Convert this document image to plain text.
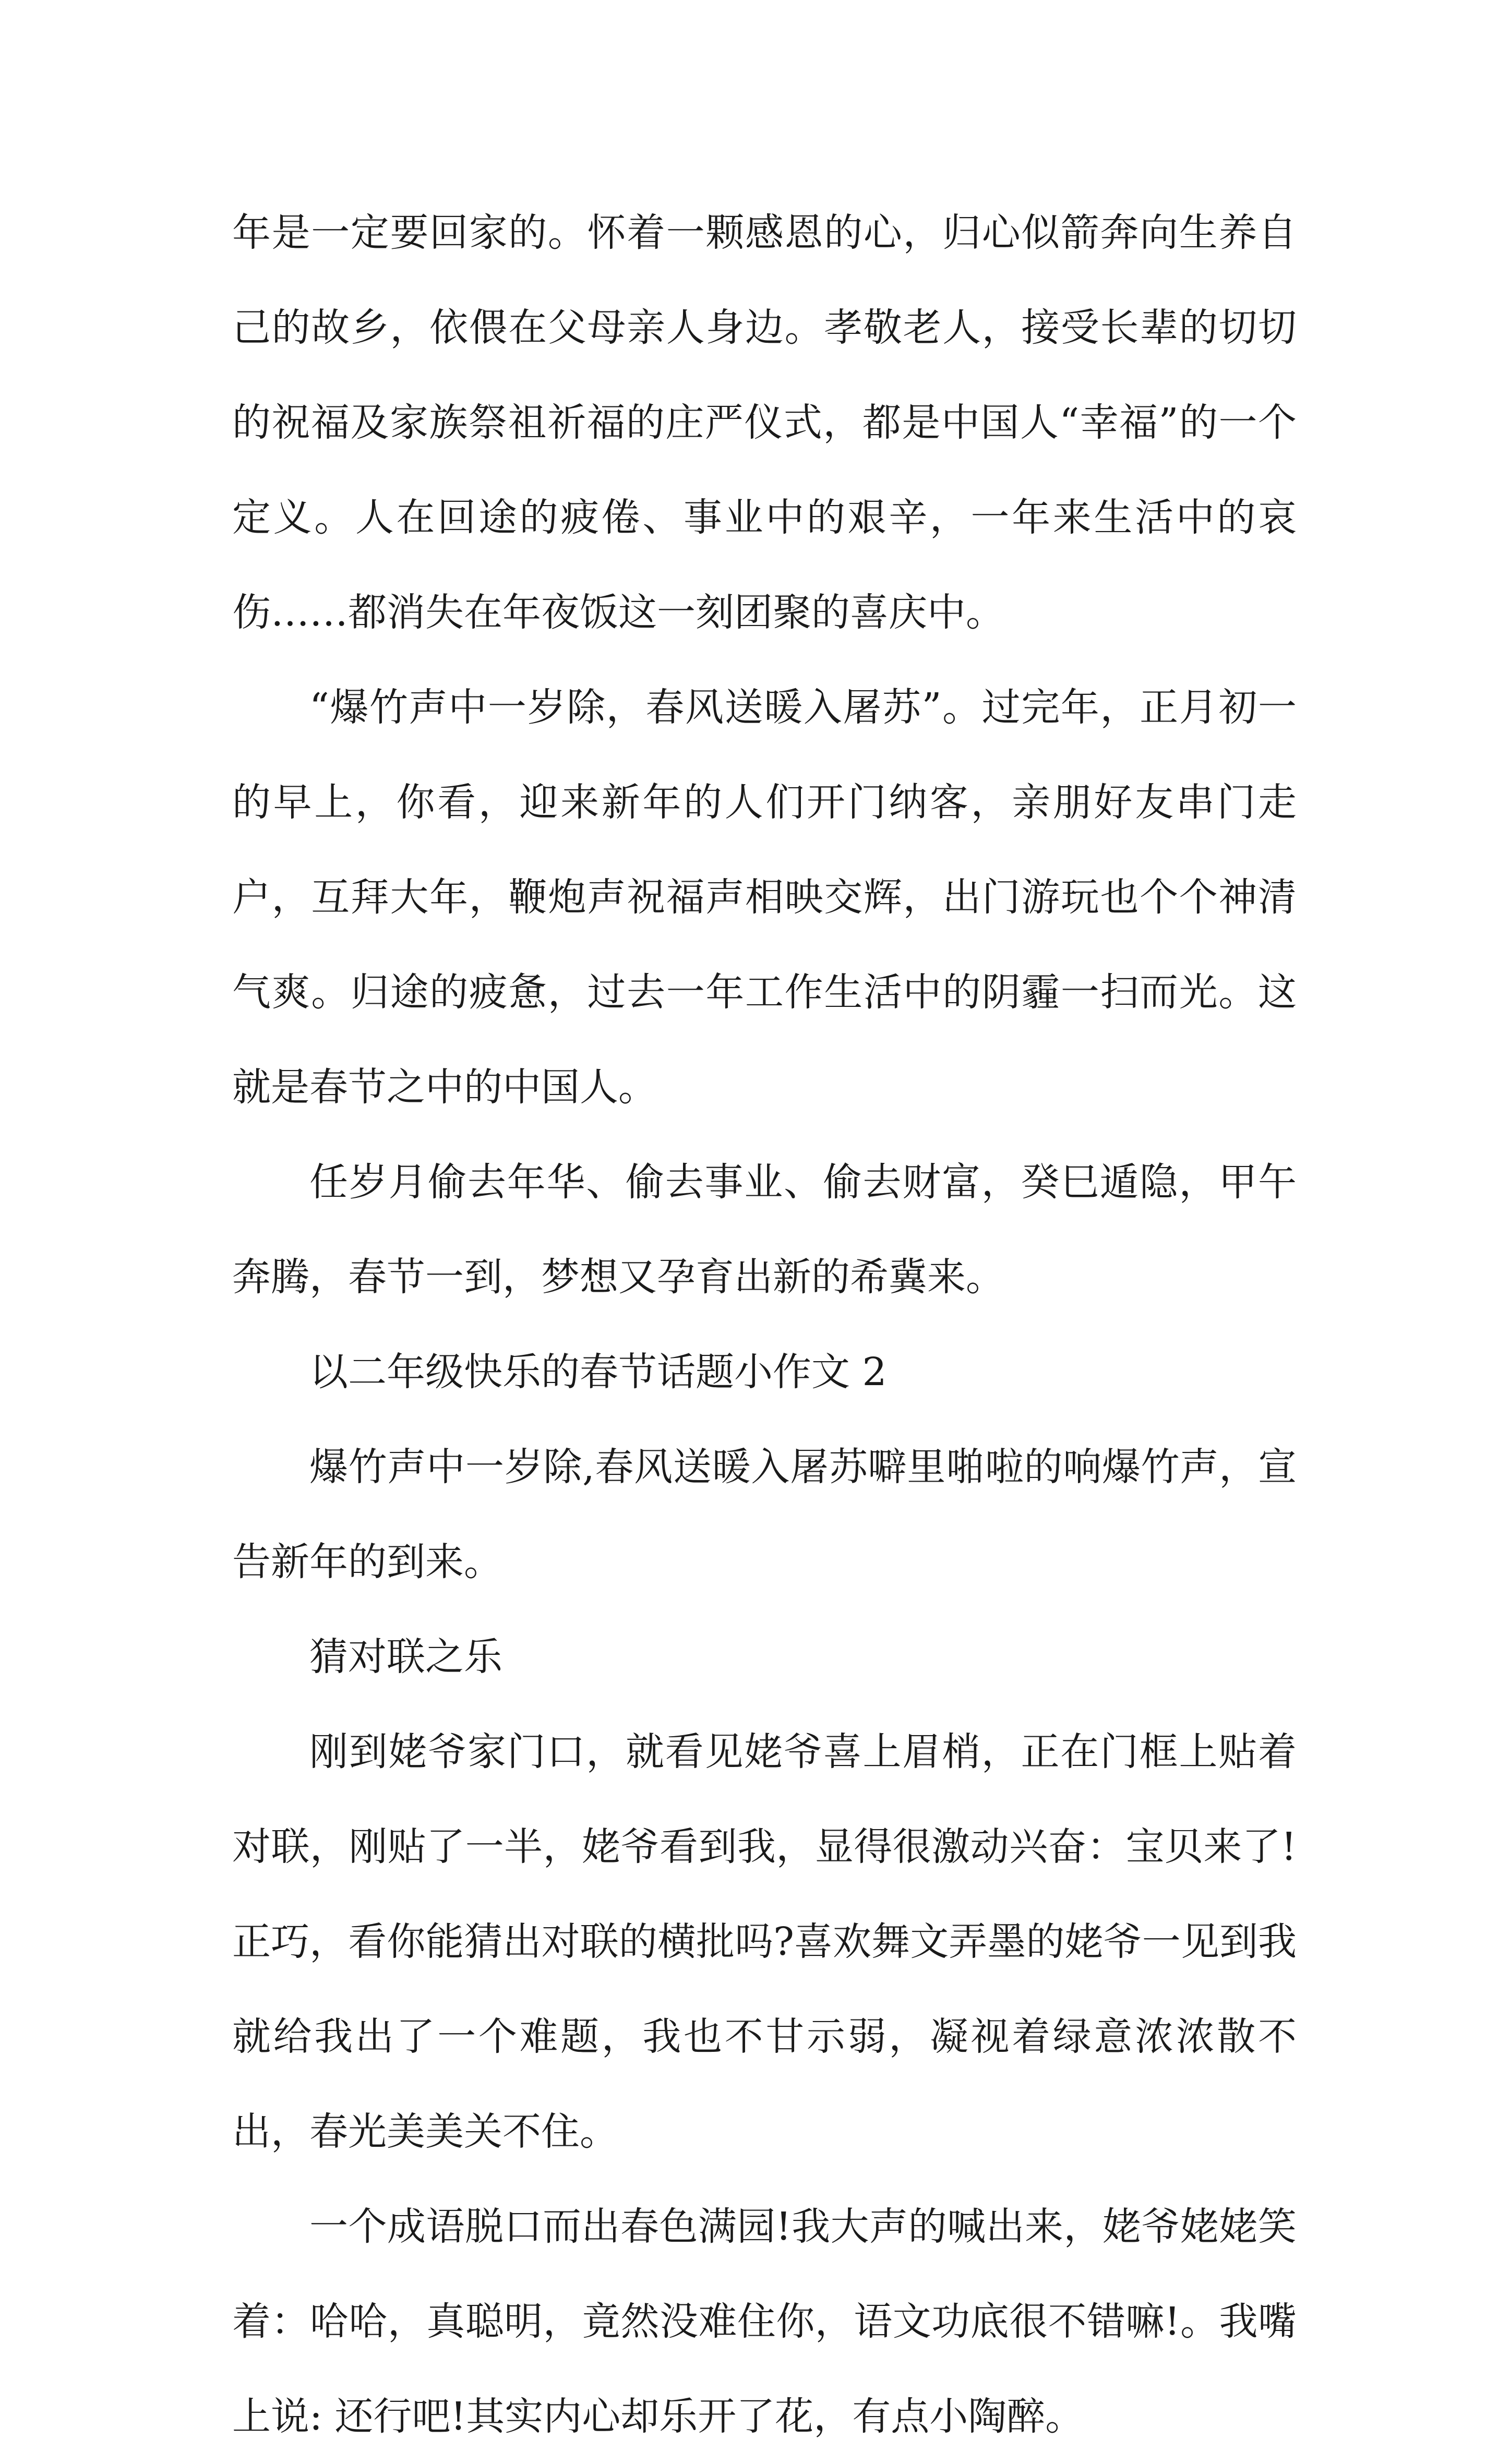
年是一定要回家的。怀着一颗感恩的心，归心似箭奔向生养自己的故乡，依偎在父母亲人身边。孝敬老人，接受长辈的切切的祝福及家族祭祖祈福的庄严仪式，都是中国人“幸福”的一个定义。人在回途的疲倦、事业中的艰辛，一年来生活中的哀伤……都消失在年夜饭这一刻团聚的喜庆中。

“爆竹声中一岁除，春风送暖入屠苏”。过完年，正月初一的早上，你看，迎来新年的人们开门纳客，亲朋好友串门走户，互拜大年，鞭炮声祝福声相映交辉，出门游玩也个个神清气爽。归途的疲惫，过去一年工作生活中的阴霾一扫而光。这就是春节之中的中国人。

任岁月偷去年华、偷去事业、偷去财富，癸巳遁隐，甲午奔腾，春节一到，梦想又孕育出新的希冀来。

以二年级快乐的春节话题小作文 2

爆竹声中一岁除,春风送暖入屠苏噼里啪啦的响爆竹声，宣告新年的到来。

猜对联之乐

刚到姥爷家门口，就看见姥爷喜上眉梢，正在门框上贴着对联，刚贴了一半，姥爷看到我，显得很激动兴奋：宝贝来了!正巧，看你能猜出对联的横批吗?喜欢舞文弄墨的姥爷一见到我就给我出了一个难题，我也不甘示弱，凝视着绿意浓浓散不出，春光美美关不住。

一个成语脱口而出春色满园!我大声的喊出来，姥爷姥姥笑着：哈哈，真聪明，竟然没难住你，语文功底很不错嘛!。我嘴上说: 还行吧!其实内心却乐开了花，有点小陶醉。
